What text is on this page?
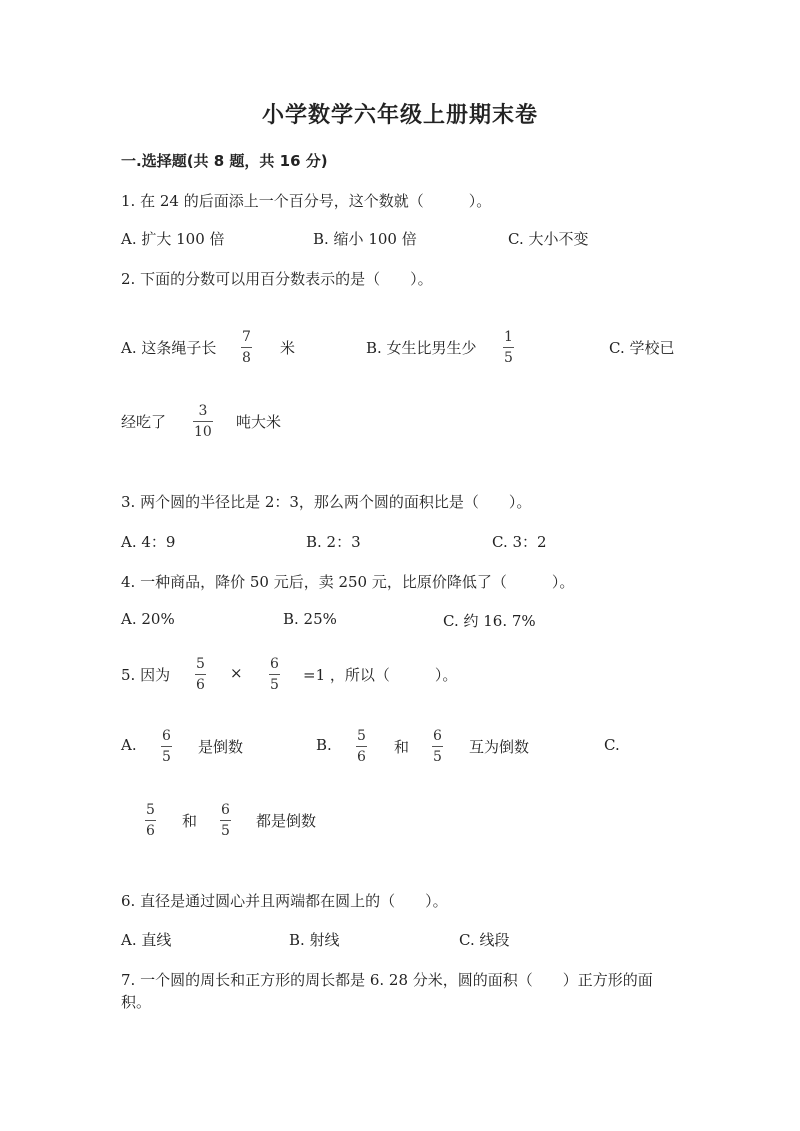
小学数学六年级上册期末卷
一.选择题(共 8 题，共 16 分)
1. 在 24 的后面添上一个百分号，这个数就（　　　）。
A. 扩大 100 倍	B. 缩小 100 倍	C. 大小不变
2. 下面的分数可以用百分数表示的是（　　）。
A. 这条绳子长
7
8
米	B. 女生比男生少
1
5
C. 学校已
经吃了
3
10
吨大米
3. 两个圆的半径比是 2：3，那么两个圆的面积比是（　　）。
A. 4：9	B. 2：3	C. 3：2
4. 一种商品，降价 50 元后，卖 250 元，比原价降低了（　　　）。
A. 20%	B. 25%	C. 约 16. 7%
5. 因为
5
6
× 6
5
=1 ，所以（　　　）。
A. 6
5
是倒数	B. 5
6
和
6
5
互为倒数	C.
5
6
和
6
5
都是倒数
6. 直径是通过圆心并且两端都在圆上的（　　）。
A. 直线	B. 射线	C. 线段
7. 一个圆的周长和正方形的周长都是 6. 28 分米，圆的面积（　　）正方形的面
积。
